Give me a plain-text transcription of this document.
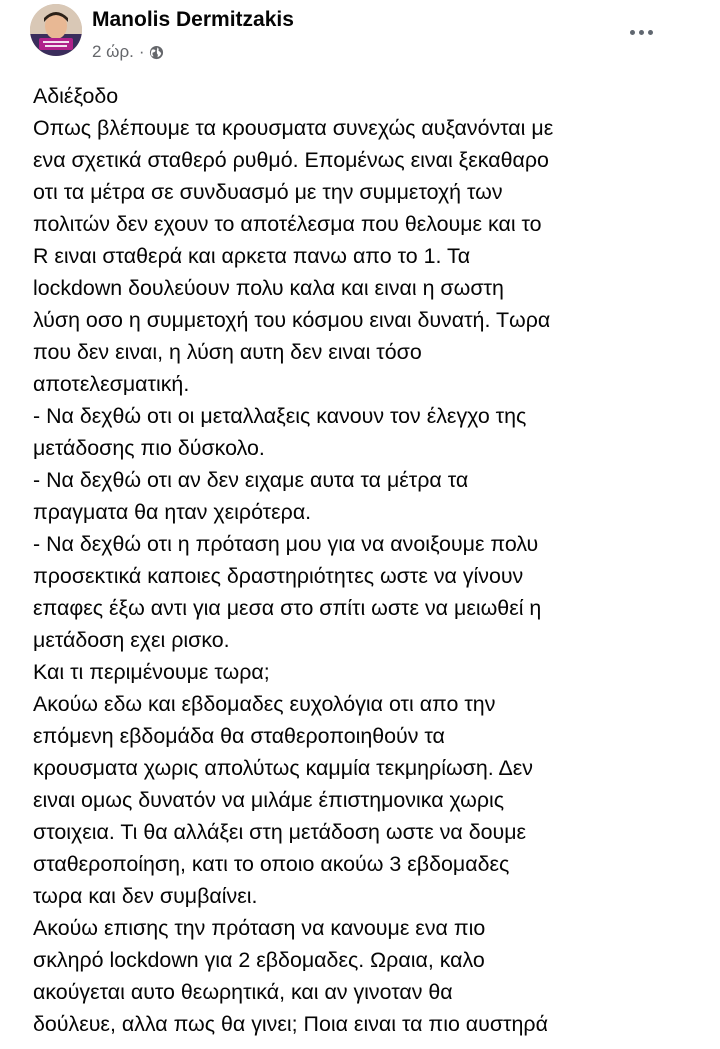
Manolis Dermitzakis
2 ώρ. ·
Αδιέξοδο
Οπως βλέπουμε τα κρουσματα συνεχώς αυξανόνται με
ενα σχετικά σταθερό ρυθμό. Επομένως ειναι ξεκαθαρο
οτι τα μέτρα σε συνδυασμό με την συμμετοχή των
πολιτών δεν εχουν το αποτέλεσμα που θελουμε και το
R ειναι σταθερά και αρκετα πανω απο το 1. Τα
lockdown δουλεύουν πολυ καλα και ειναι η σωστη
λύση οσο η συμμετοχή του κόσμου ειναι δυνατή. Τωρα
που δεν ειναι, η λύση αυτη δεν ειναι τόσο
αποτελεσματική.
- Να δεχθώ οτι οι μεταλλαξεις κανουν τον έλεγχο της
μετάδοσης πιο δύσκολο.
- Να δεχθώ οτι αν δεν ειχαμε αυτα τα μέτρα τα
πραγματα θα ηταν χειρότερα.
- Να δεχθώ οτι η πρόταση μου για να ανοιξουμε πολυ
προσεκτικά καποιες δραστηριότητες ωστε να γίνουν
επαφες έξω αντι για μεσα στο σπίτι ωστε να μειωθεί η
μετάδοση εχει ρισκο.
Και τι περιμένουμε τωρα;
Ακούω εδω και εβδομαδες ευχολόγια οτι απο την
επόμενη εβδομάδα θα σταθεροποιηθούν τα
κρουσματα χωρις απολύτως καμμία τεκμηρίωση. Δεν
ειναι ομως δυνατόν να μιλάμε έπιστημονικα χωρις
στοιχεια. Τι θα αλλάξει στη μετάδοση ωστε να δουμε
σταθεροποίηση, κατι το οποιο ακούω 3 εβδομαδες
τωρα και δεν συμβαίνει.
Ακούω επισης την πρόταση να κανουμε ενα πιο
σκληρό lockdown για 2 εβδομαδες. Ωραια, καλο
ακούγεται αυτο θεωρητικά, και αν γινοταν θα
δούλευε, αλλα πως θα γινει; Ποια ειναι τα πιο αυστηρά
